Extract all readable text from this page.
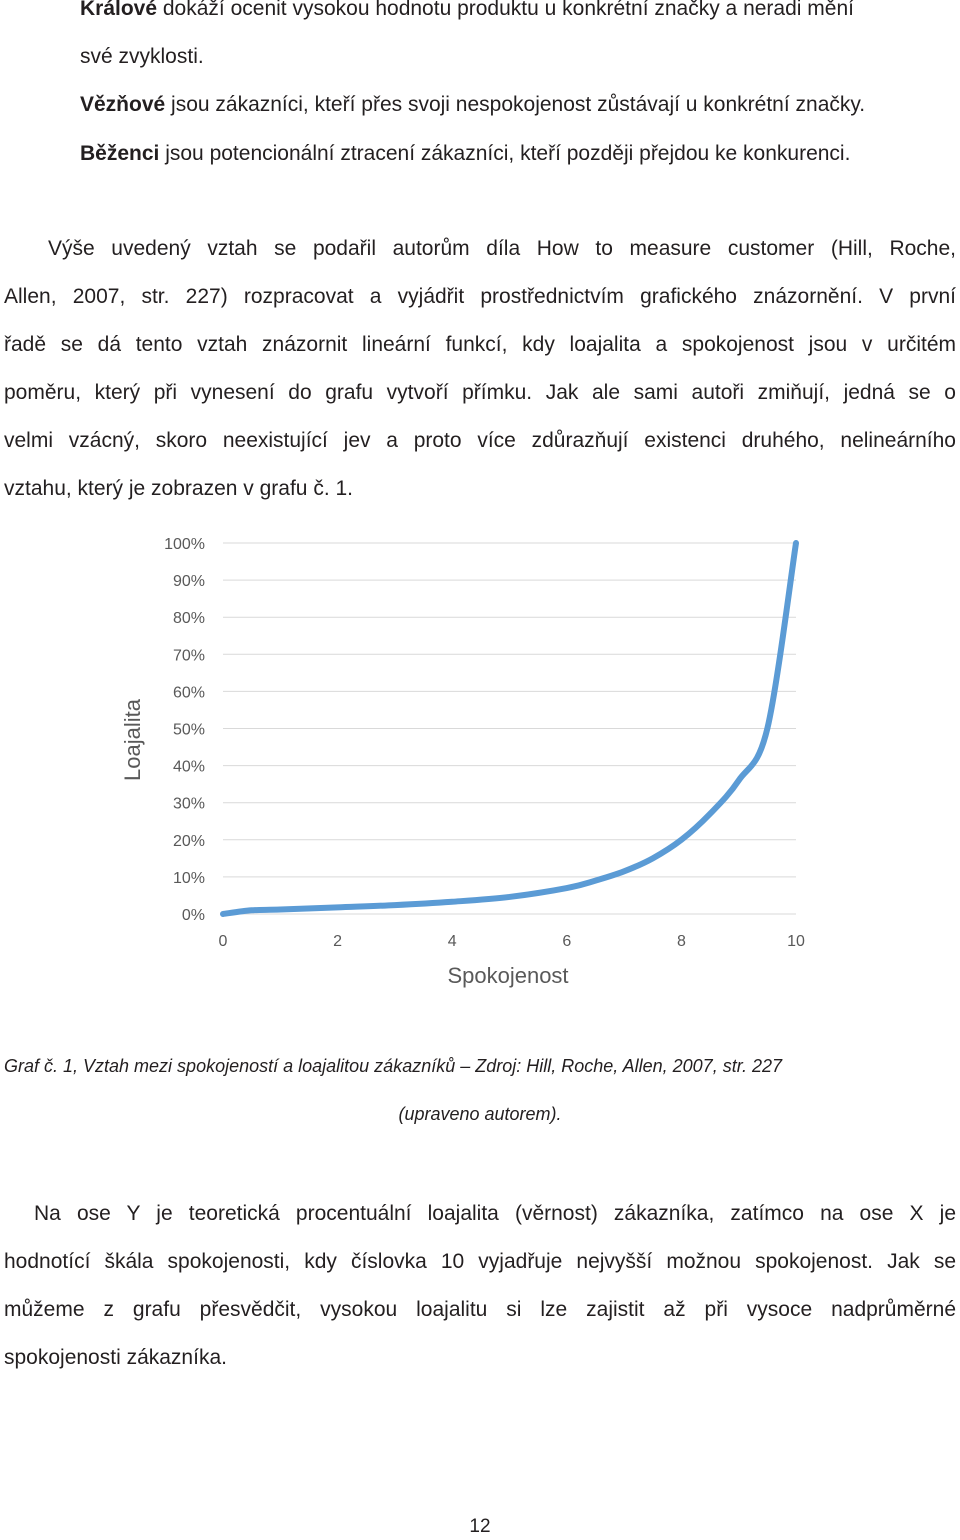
Králové dokáží ocenit vysokou hodnotu produktu u konkrétní značky a neradi mění
své zvyklosti.
Vězňové jsou zákazníci, kteří přes svoji nespokojenost zůstávají u konkrétní značky.
Běženci jsou potencionální ztracení zákazníci, kteří později přejdou ke konkurenci.
Výše uvedený vztah se podařil autorům díla How to measure customer (Hill, Roche,
Allen, 2007, str. 227) rozpracovat a vyjádřit prostřednictvím grafického znázornění. V první
řadě se dá tento vztah znázornit lineární funkcí, kdy loajalita a spokojenost jsou v určitém
poměru, který při vynesení do grafu vytvoří přímku. Jak ale sami autoři zmiňují, jedná se o
velmi vzácný, skoro neexistující jev a proto více zdůrazňují existenci druhého, nelineárního
vztahu, který je zobrazen v grafu č. 1.
0%
10%
20%
30%
40%
50%
60%
70%
80%
90%
100%
0	2	4	6	8	10
Spokojenost
Loajalita
Graf č. 1, Vztah mezi spokojeností a loajalitou zákazníků – Zdroj: Hill, Roche, Allen, 2007, str. 227
(upraveno autorem).
Na ose Y je teoretická procentuální loajalita (věrnost) zákazníka, zatímco na ose X je
hodnotící škála spokojenosti, kdy číslovka 10 vyjadřuje nejvyšší možnou spokojenost. Jak se
můžeme z grafu přesvědčit, vysokou loajalitu si lze zajistit až při vysoce nadprůměrné
spokojenosti zákazníka.
12
